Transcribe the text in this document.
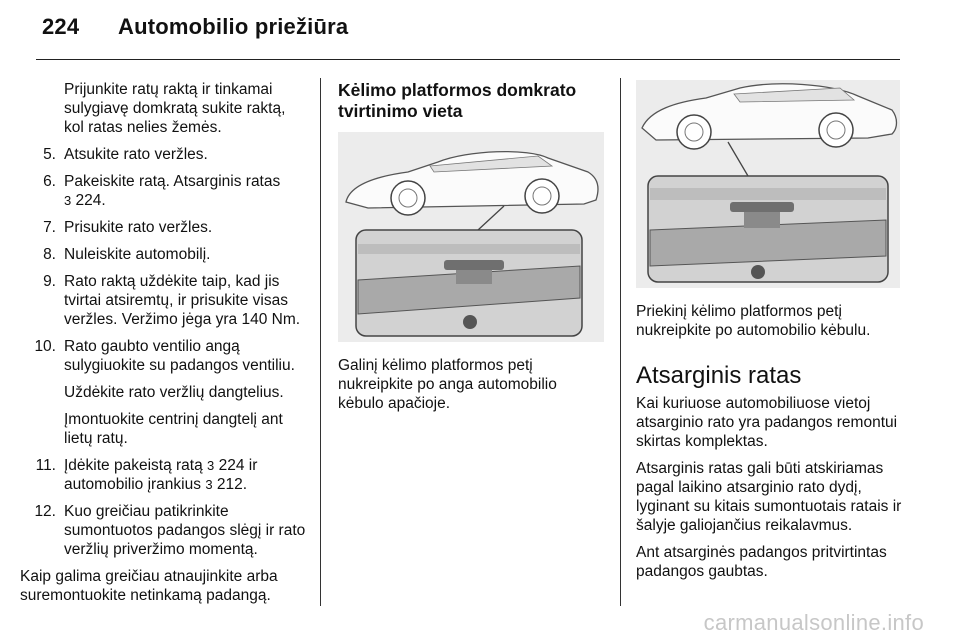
224 Automobilio priežiūra
Prijunkite ratų raktą ir tinkamai sulygiavę domkratą sukite raktą, kol ratas nelies žemės.
5. Atsukite rato veržles.
6. Pakeiskite ratą. Atsarginis ratas
3 224.
7. Prisukite rato veržles.
8. Nuleiskite automobilį.
9. Rato raktą uždėkite taip, kad jis tvirtai atsiremtų, ir prisukite visas veržles. Veržimo jėga yra 140 Nm.
10. Rato gaubto ventilio angą sulygiuokite su padangos ventiliu.
Uždėkite rato veržlių dangtelius.
Įmontuokite centrinį dangtelį ant lietų ratų.
11. Įdėkite pakeistą ratą 3 224 ir automobilio įrankius 3 212.
12. Kuo greičiau patikrinkite sumontuotos padangos slėgį ir rato veržlių priveržimo momentą.
Kaip galima greičiau atnaujinkite arba suremontuokite netinkamą padangą.
Kėlimo platformos domkrato tvirtinimo vieta

Galinį kėlimo platformos petį nukreipkite po anga automobilio kėbulo apačioje.

Priekinį kėlimo platformos petį nukreipkite po automobilio kėbulu.

Atsarginis ratas

Kai kuriuose automobiliuose vietoj atsarginio rato yra padangos remontui skirtas komplektas.

Atsarginis ratas gali būti atskiriamas pagal laikino atsarginio rato dydį, lyginant su kitais sumontuotais ratais ir šalyje galiojančius reikalavmus.

Ant atsarginės padangos pritvirtintas padangos gaubtas.

carmanualsonline.info
